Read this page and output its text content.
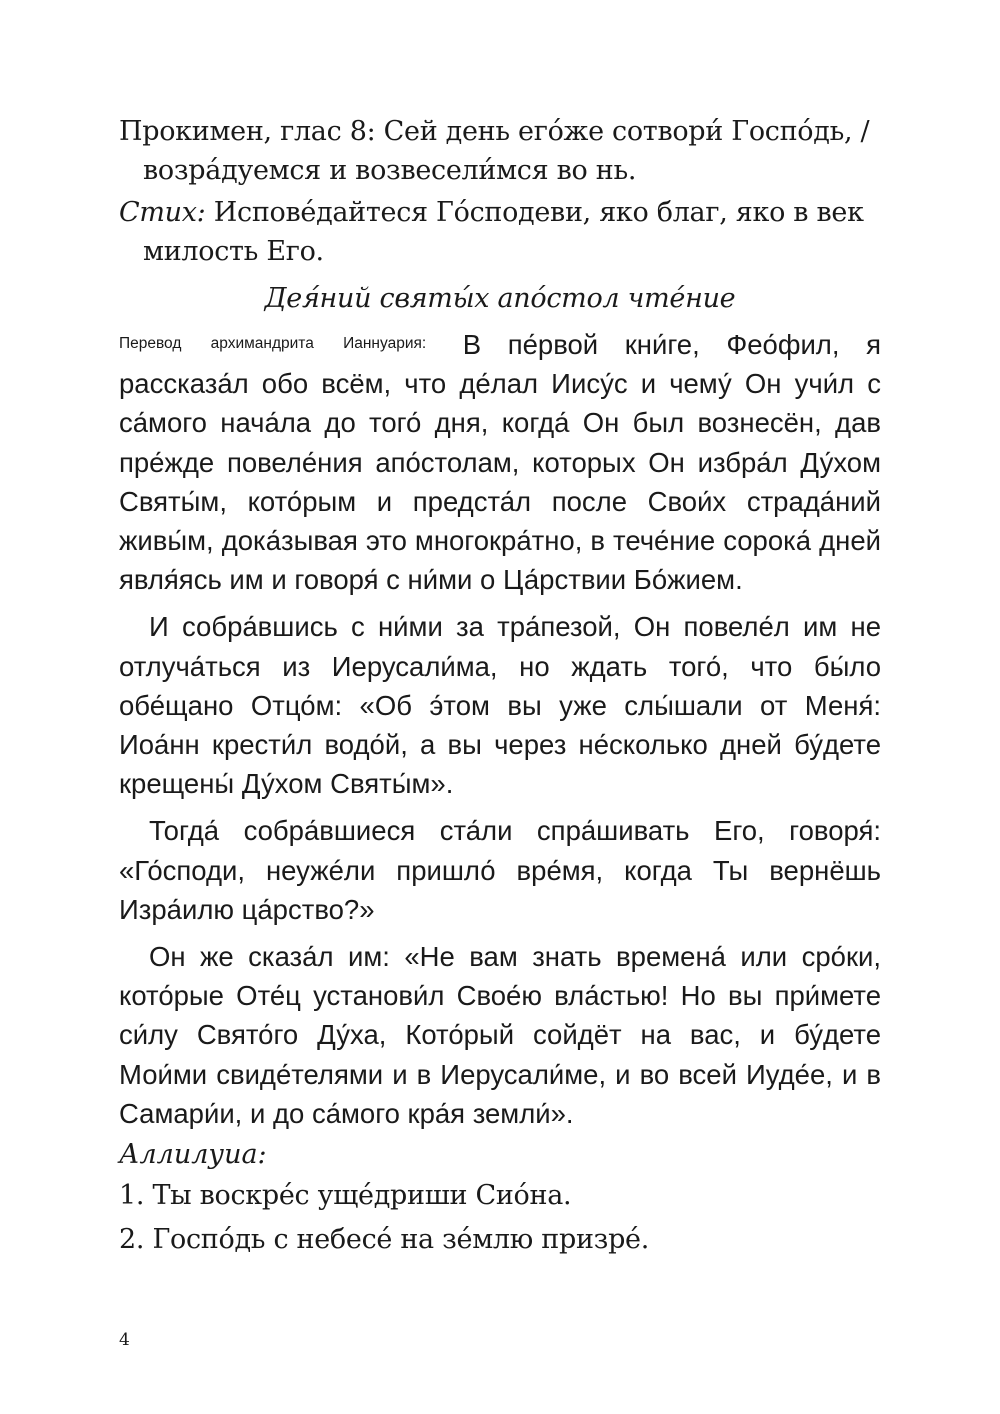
Прокимен, глас 8: Сей день его́же сотвори́ Госпо́дь, / возра́дуемся и возвесели́мся во нь.

Стих: Испове́дайтеся Го́сподеви, яко благ, яко в век милость Его.

Дея́ний святы́х апо́стол чте́ние

$^{Перевод архимандрита Ианнуария:}$ В пе́рвой кни́ге, Фео́фил, я рассказа́л обо всём, что де́лал Иису́с и чему́ Он учи́л с са́мого нача́ла до того́ дня, когда́ Он был вознесён, дав пре́жде повеле́ния апо́столам, которых Он избра́л Ду́хом Святы́м, кото́рым и предста́л после Свои́х страда́ний живы́м, дока́зывая это многокра́тно, в тече́ние сорока́ дней явля́ясь им и говоря́ с ни́ми о Ца́рствии Бо́жием.

И собра́вшись с ни́ми за тра́пезой, Он повеле́л им не отлуча́ться из Иерусали́ма, но ждать того́, что бы́ло обе́щано Отцо́м: «Об э́том вы уже слы́шали от Меня́: Иоа́нн крести́л водо́й, а вы через не́сколько дней бу́дете крещены́ Ду́хом Святы́м».

Тогда́ собра́вшиеся ста́ли спра́шивать Его, говоря́: «Го́споди, неужéли пришло́ вре́мя, когда Ты вернёшь Изра́илю ца́рство?»

Он же сказа́л им: «Не вам знать времена́ или сро́ки, кото́рые Оте́ц установи́л Свое́ю вла́стью! Но вы при́мете си́лу Свято́го Ду́ха, Кото́рый сойдёт на вас, и бу́дете Мои́ми свиде́телями и в Иерусали́ме, и во всей Иуде́е, и в Самари́и, и до са́мого кра́я земли́».

Аллилуиа:

1. Ты воскре́с уще́дриши Сио́на.

2. Госпо́дь с небесе́ на зе́млю призре́.

4
